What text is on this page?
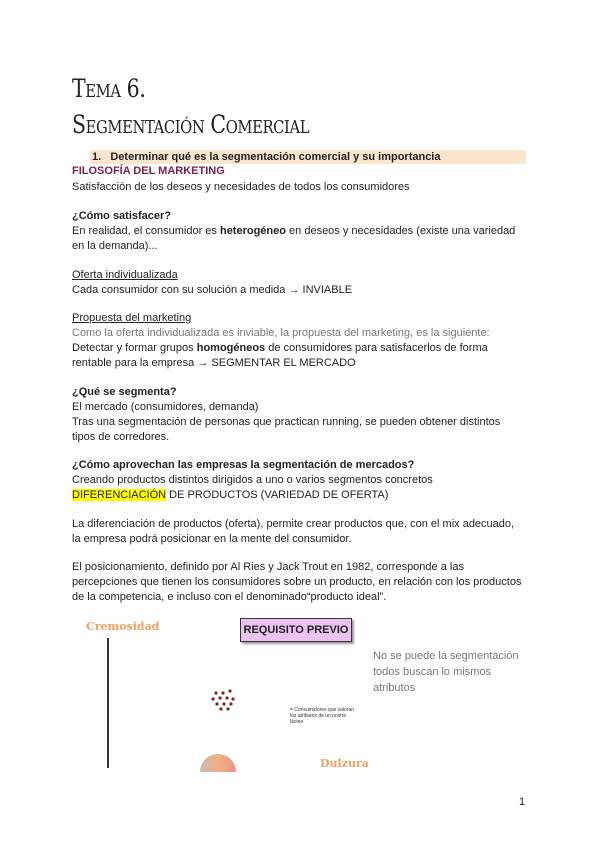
Tema 6.
Segmentación Comercial
1. Determinar qué es la segmentación comercial y su importancia
FILOSOFÍA DEL MARKETING
Satisfacción de los deseos y necesidades de todos los consumidores
¿Cómo satisfacer?
En realidad, el consumidor es heterogéneo en deseos y necesidades (existe una variedad
en la demanda)...
Oferta individualizada
Cada consumidor con su solución a medida → INVIABLE
Propuesta del marketing
Como la oferta individualizada es inviable, la propuesta del marketing, es la siguiente:
Detectar y formar grupos homogéneos de consumidores para satisfacerlos de forma
rentable para la empresa → SEGMENTAR EL MERCADO
¿Qué se segmenta?
El mercado (consumidores, demanda)
Tras una segmentación de personas que practican running, se pueden obtener distintos
tipos de corredores.
¿Cómo aprovechan las empresas la segmentación de mercados?
Creando productos distintos dirigidos a uno o varios segmentos concretos
DIFERENCIACIÓN DE PRODUCTOS (VARIEDAD DE OFERTA)
La diferenciación de productos (oferta), permite crear productos que, con el mix adecuado,
la empresa podrá posicionar en la mente del consumidor.
El posicionamiento, definido por Al Ries y Jack Trout en 1982, corresponde a las
percepciones que tienen los consumidores sobre un producto, en relación con los productos
de la competencia, e incluso con el denominado“producto ideal”.
Cremosidad	REQUISITO PREVIO
No se puede la segmentación
todos buscan lo mismos
atributos
= Consumidores que valoran los atributos de un postre lácteo
Dulzura
1
